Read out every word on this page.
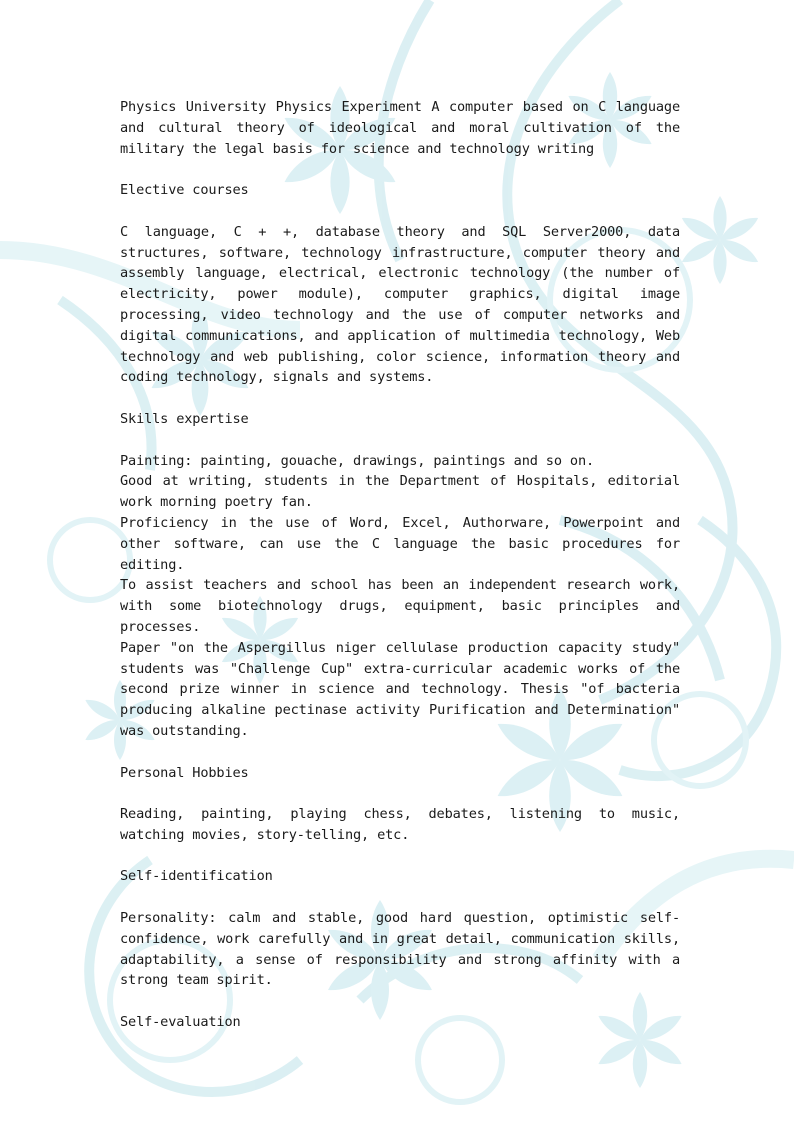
Physics University Physics Experiment A computer based on C language and cultural theory of ideological and moral cultivation of the military the legal basis for science and technology writing

Elective courses

C language, C + +, database theory and SQL Server2000, data structures, software, technology infrastructure, computer theory and assembly language, electrical, electronic technology (the number of electricity, power module), computer graphics, digital image processing, video technology and the use of computer networks and digital communications, and application of multimedia technology, Web technology and web publishing, color science, information theory and coding technology, signals and systems.

Skills expertise

Painting: painting, gouache, drawings, paintings and so on.

Good at writing, students in the Department of Hospitals, editorial work morning poetry fan.

Proficiency in the use of Word, Excel, Authorware, Powerpoint and other software, can use the C language the basic procedures for editing.

To assist teachers and school has been an independent research work, with some biotechnology drugs, equipment, basic principles and processes.

Paper "on the Aspergillus niger cellulase production capacity study" students was "Challenge Cup" extra-curricular academic works of the second prize winner in science and technology. Thesis "of bacteria producing alkaline pectinase activity Purification and Determination" was outstanding.

Personal Hobbies

Reading, painting, playing chess, debates, listening to music, watching movies, story-telling, etc.

Self-identification

Personality: calm and stable, good hard question, optimistic self-confidence, work carefully and in great detail, communication skills, adaptability, a sense of responsibility and strong affinity with a strong team spirit.

Self-evaluation
